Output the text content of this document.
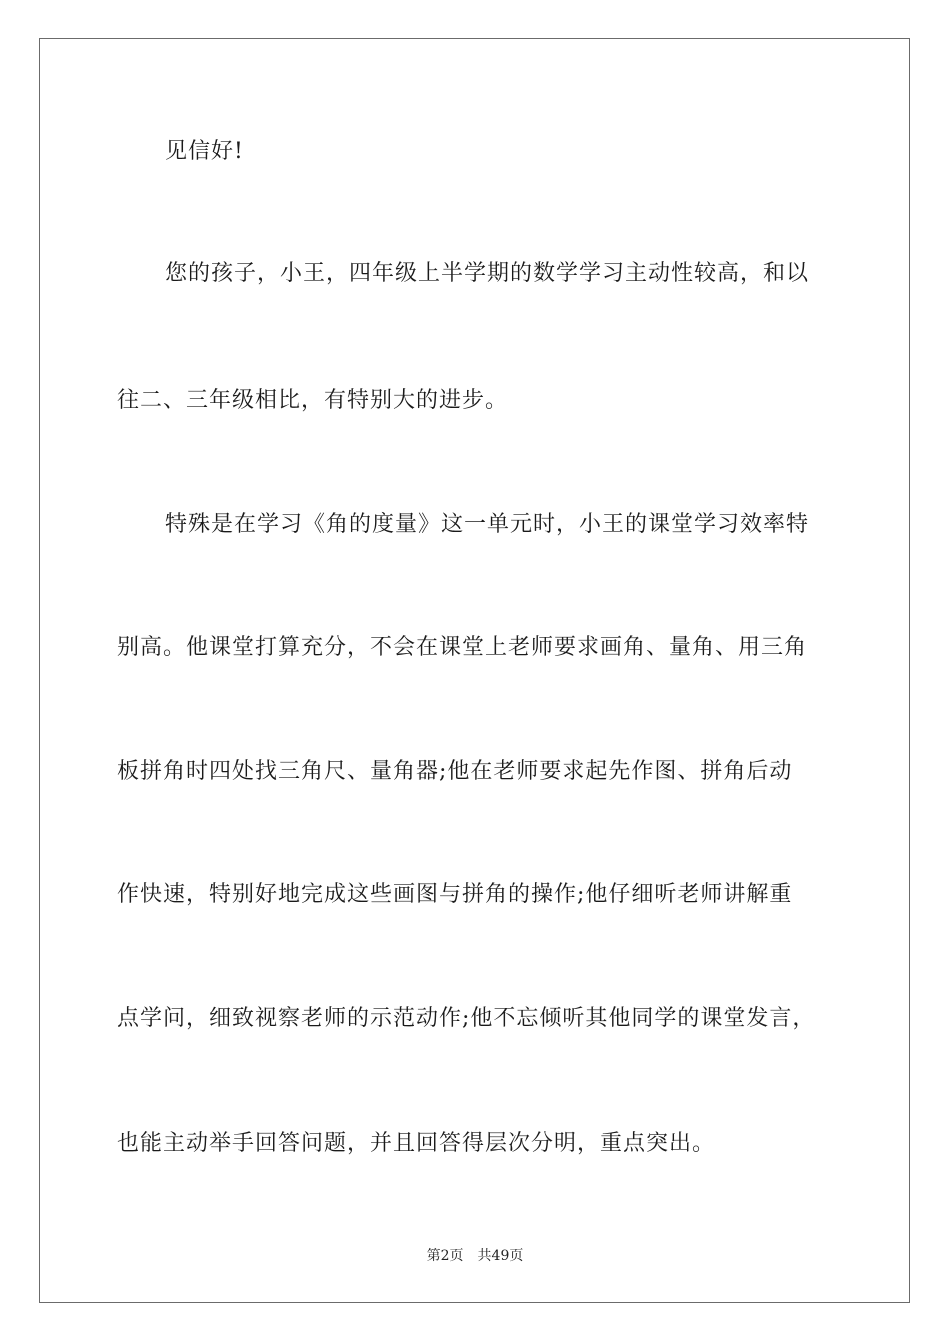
见信好!
您的孩子，小王，四年级上半学期的数学学习主动性较高，和以
往二、三年级相比，有特别大的进步。
特殊是在学习《角的度量》这一单元时，小王的课堂学习效率特
别高。他课堂打算充分，不会在课堂上老师要求画角、量角、用三角
板拼角时四处找三角尺、量角器;他在老师要求起先作图、拼角后动
作快速，特别好地完成这些画图与拼角的操作;他仔细听老师讲解重
点学问，细致视察老师的示范动作;他不忘倾听其他同学的课堂发言，
也能主动举手回答问题，并且回答得层次分明，重点突出。
第2页 共49页
